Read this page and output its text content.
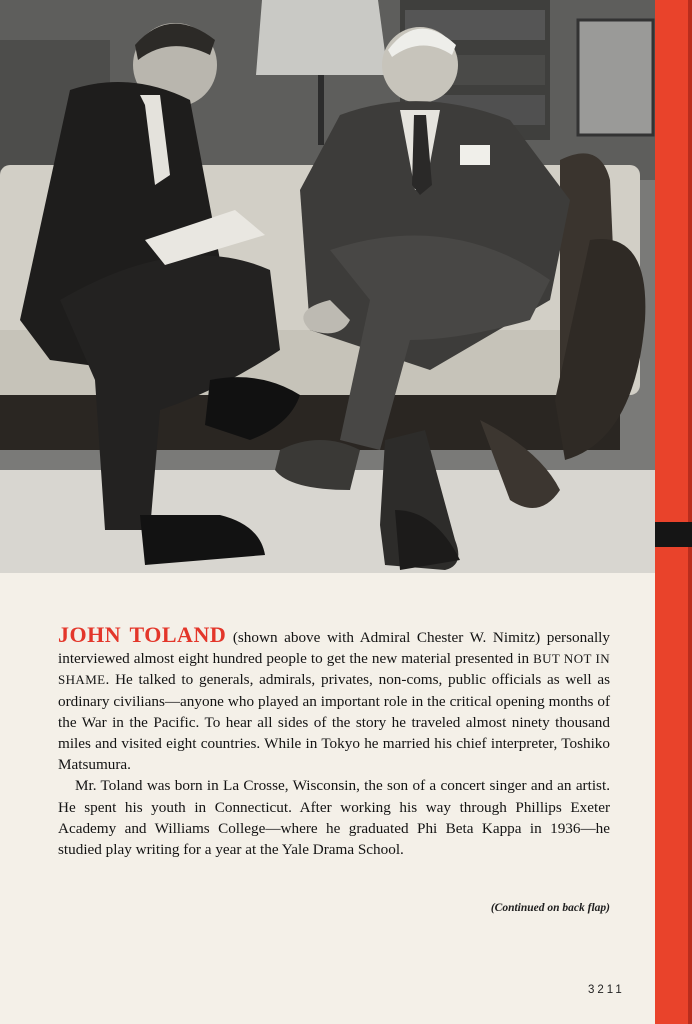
JOHN TOLAND (shown above with Admiral Chester W. Nimitz) personally interviewed almost eight hundred people to get the new material presented in BUT NOT IN SHAME. He talked to generals, admirals, privates, non-coms, public officials as well as ordinary civilians—anyone who played an important role in the critical opening months of the War in the Pacific. To hear all sides of the story he traveled almost ninety thousand miles and visited eight countries. While in Tokyo he married his chief interpreter, Toshiko Matsumura.

Mr. Toland was born in La Crosse, Wisconsin, the son of a concert singer and an artist. He spent his youth in Connecticut. After working his way through Phillips Exeter Academy and Williams College—where he graduated Phi Beta Kappa in 1936—he studied play writing for a year at the Yale Drama School.

(Continued on back flap)
3211
